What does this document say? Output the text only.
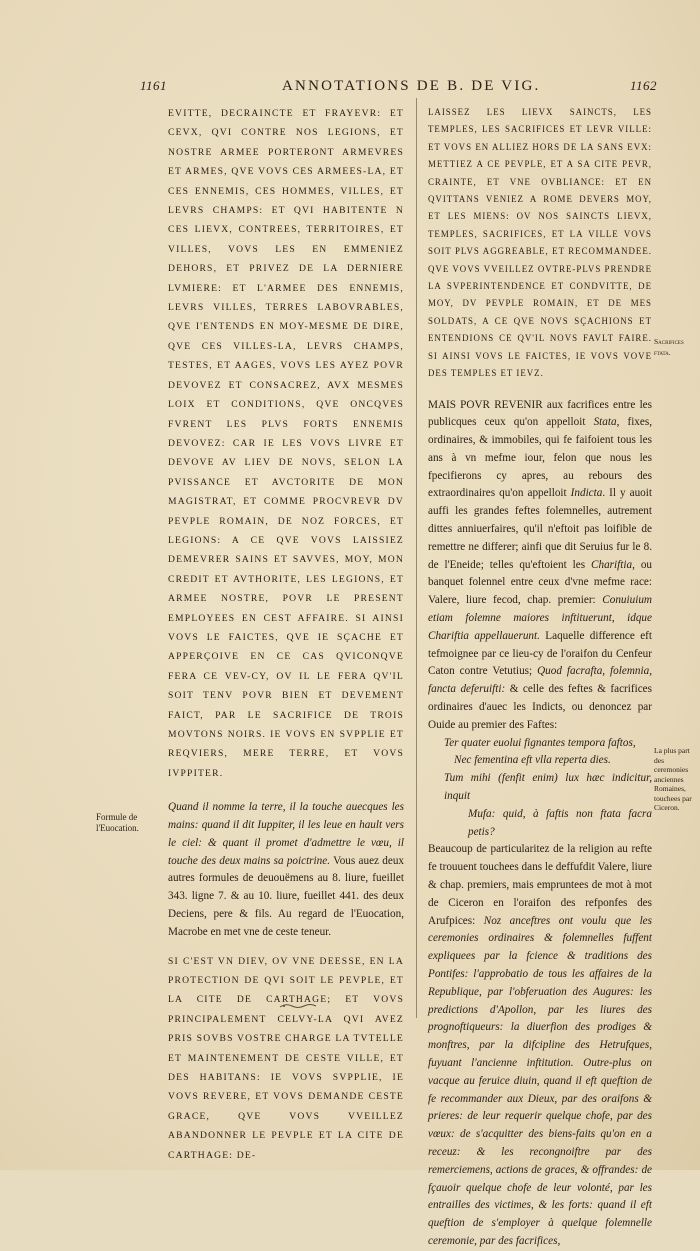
1161	ANNOTATIONS DE B. DE VIG.	1162
EVITTE, DECRAINCTE ET FRAYEVR: ET CEVX, QVI CONTRE NOS LEGIONS, ET NOSTRE ARMEE PORTERONT ARMEVRES ET ARMES, QVE VOVS CES ARMEES-LA, ET CES ENNEMIS, CES HOMMES, VILLES, ET LEVRS CHAMPS: ET QVI HABITENTE N CES LIEVX, CONTREES, TERRITOIRES, ET VILLES, VOVS LES EN EMMENIEZ DEHORS, ET PRIVEZ DE LA DERNIERE LVMIERE: ET L'ARMEE DES ENNEMIS, LEVRS VILLES, TERRES LABOVRABLES, QVE I'ENTENDS EN MOY-MESME DE DIRE, QVE CES VILLES-LA, LEVRS CHAMPS, TESTES, ET AAGES, VOVS LES AYEZ POVR DEVOVEZ ET CONSACREZ, AVX MESMES LOIX ET CONDITIONS, QVE ONCQVES FVRENT LES PLVS FORTS ENNEMIS DEVOVEZ: CAR IE LES VOVS LIVRE ET DEVOVE AV LIEV DE NOVS, SELON LA PVISSANCE ET AVCTORITE DE MON MAGISTRAT, ET COMME PROCVREVR DV PEVPLE ROMAIN, DE NOZ FORCES, ET LEGIONS: A CE QVE VOVS LAISSIEZ DEMEVRER SAINS ET SAVVES, MOY, MON CREDIT ET AVTHORITE, LES LEGIONS, ET ARMEE NOSTRE, POVR LE PRESENT EMPLOYEES EN CEST AFFAIRE. SI AINSI VOVS LE FAICTES, QVE IE SÇACHE ET APPERÇOIVE EN CE CAS QVICONQVE FERA CE VEV-CY, OV IL LE FERA QV'IL SOIT TENV POVR BIEN ET DEVEMENT FAICT, PAR LE SACRIFICE DE TROIS MOVTONS NOIRS. IE VOVS EN SVPPLIE ET REQVIERS, MERE TERRE, ET VOVS IVPPITER.
Quand il nomme la terre, il la touche auecques les mains: quand il dit Iuppiter, il les leue en hault vers le ciel: & quant il promet d'admettre le vœu, il touche des deux mains sa poictrine. Vous auez deux autres formules de deuouëmens au 8. liure, fueillet 343. ligne 7. & au 10. liure, fueillet 441. des deux Deciens, pere & fils. Au regard de l'Euocation, Macrobe en met vne de ceste teneur.
SI C'EST VN DIEV, OV VNE DEESSE, EN LA PROTECTION DE QVI SOIT LE PEVPLE, ET LA CITE DE CARTHAGE; ET VOVS PRINCIPALEMENT CELVY-LA QVI AVEZ PRIS SOVBS VOSTRE CHARGE LA TVTELLE ET MAINTENEMENT DE CESTE VILLE, ET DES HABITANS: IE VOVS SVPPLIE, IE VOVS REVERE, ET VOVS DEMANDE CESTE GRACE, QVE VOVS VVEILLEZ ABANDONNER LE PEVPLE ET LA CITE DE CARTHAGE: DE-
Formule de l'Euocation.
LAISSEZ LES LIEVX SAINCTS, LES TEMPLES, LES SACRIFICES ET LEVR VILLE: ET VOVS EN ALLIEZ HORS DE LA SANS EVX: METTIEZ A CE PEVPLE, ET A SA CITE PEVR, CRAINTE, ET VNE OVBLIANCE: ET EN QVITTANS VENIEZ A ROME DEVERS MOY, ET LES MIENS: OV NOS SAINCTS LIEVX, TEMPLES, SACRIFICES, ET LA VILLE VOVS SOIT PLVS AGGREABLE, ET RECOMMANDEE. QVE VOVS VVEILLEZ OVTRE-PLVS PRENDRE LA SVPERINTENDENCE ET CONDVITTE, DE MOY, DV PEVPLE ROMAIN, ET DE MES SOLDATS, A CE QVE NOVS SÇACHIONS ET ENTENDIONS CE QV'IL NOVS FAVLT FAIRE. SI AINSI VOVS LE FAICTES, IE VOVS VOVE DES TEMPLES ET IEVZ.
MAIS POVR REVENIR aux facrifices entre les publicques ceux qu'on appelloit Stata, fixes, ordinaires, & immobiles, qui fe faifoient tous les ans à vn mefme iour, felon que nous les fpecifierons cy apres, au rebours des extraordinaires qu'on appelloit Indicta. Il y auoit auffi les grandes feftes folemnelles, autrement dittes anniuerfaires, qu'il n'eftoit pas loifible de remettre ne differer; ainfi que dit Seruius fur le 8. de l'Eneide; telles qu'eftoient les Chariftia, ou banquet folennel entre ceux d'vne mefme race: Valere, liure fecod, chap. premier: Conuiuium etiam folemne maiores inftituerunt, idque Chariftia appellauerunt. Laquelle difference eft tefmoignee par ce lieu-cy de l'oraifon du Cenfeur Caton contre Vetutius; Quod facrafta, folemnia, fancta deferuifti: & celle des feftes & facrifices ordinaires d'auec les Indicts, ou denoncez par Ouide au premier des Faftes:
Ter quater euolui fignantes tempora faftos,
Nec fementina eft vlla reperta dies.
Tum mihi (fenfit enim) lux hæc indicitur, inquit
Mufa: quid, à faftis non ftata facra petis?
Beaucoup de particularitez de la religion au refte fe trouuent touchees dans le deffufdit Valere, liure & chap. premiers, mais empruntees de mot à mot de Ciceron en l'oraifon des refponfes des Arufpices: Noz anceftres ont voulu que les ceremonies ordinaires & folemnelles fuffent expliquees par la fcience & traditions des Pontifes: l'approbatio de tous les affaires de la Republique, par l'obferuation des Augures: les predictions d'Apollon, par les liures des prognoftiqueurs: la diuerfion des prodiges & monftres, par la difcipline des Hetrufques, fuyuant l'ancienne inftitution. Outre-plus on vacque au feruice diuin, quand il eft queftion de fe recommander aux Dieux, par des oraifons & prieres: de leur requerir quelque chofe, par des vœux: de s'acquitter des biens-faits qu'on en a receuz: & les recongnoiftre par des remerciemens, actions de graces, & offrandes: de fçauoir quelque chofe de leur volonté, par les entrailles des victimes, & les forts: quand il eft queftion de s'employer à quelque folemnelle ceremonie, par des facrifices,
Sacrifices ftata.
La plus part des ceremonies anciennes Romaines, touchees par Ciceron.
